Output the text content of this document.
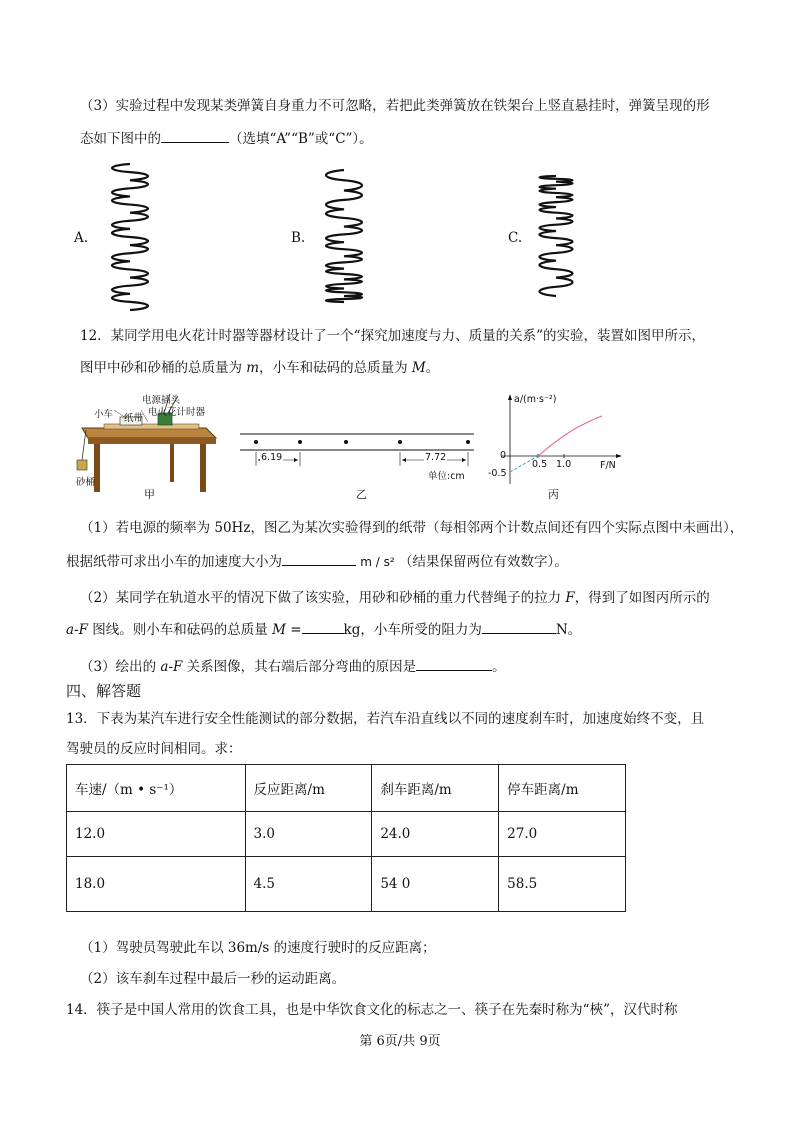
（3）实验过程中发现某类弹簧自身重力不可忽略，若把此类弹簧放在铁架台上竖直悬挂时，弹簧呈现的形
态如下图中的	（选填“A”“B”或“C”）。
A.	B.	C.
12．某同学用电火花计时器等器材设计了一个“探究加速度与力、质量的关系”的实验，装置如图甲所示，
图甲中砂和砂桶的总质量为 m，小车和砝码的总质量为 M。
电源插头
小车 纸带
电火花计时器
砂桶
甲
6.19	7.72
单位:cm
乙
a/(m·s⁻²)
F/N
0
0.5 1.0
-0.5
丙
（1）若电源的频率为 50Hz，图乙为某次实验得到的纸带（每相邻两个计数点间还有四个实际点图中未画出），
根据纸带可求出小车的加速度大小为	m / s² （结果保留两位有效数字）。
（2）某同学在轨道水平的情况下做了该实验，用砂和砂桶的重力代替绳子的拉力 F，得到了如图丙所示的
a-F 图线。则小车和砝码的总质量 M =	kg，小车所受的阻力为	N。
（3）绘出的 a-F 关系图像，其右端后部分弯曲的原因是	。
四、解答题
13．下表为某汽车进行安全性能测试的部分数据，若汽车沿直线以不同的速度刹车时，加速度始终不变，且
驾驶员的反应时间相同。求：
车速/（m • s⁻¹）	反应距离/m	刹车距离/m	停车距离/m
12.0	3.0	24.0	27.0
18.0	4.5	54 0	58.5
（1）驾驶员驾驶此车以 36m/s 的速度行驶时的反应距离；
（2）该车刹车过程中最后一秒的运动距离。
14．筷子是中国人常用的饮食工具，也是中华饮食文化的标志之一、筷子在先秦时称为“梜”，汉代时称
第 6页/共 9页
